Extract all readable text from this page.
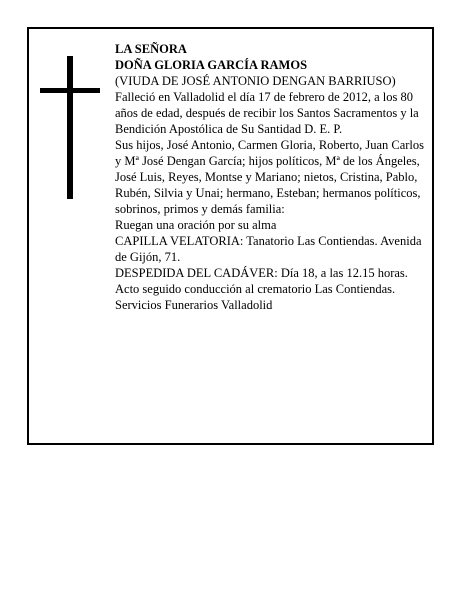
LA SEÑORA

DOÑA GLORIA GARCÍA RAMOS

(VIUDA DE JOSÉ ANTONIO DENGAN BARRIUSO)

Falleció en Valladolid el día 17 de febrero de 2012, a los 80 años de edad, después de recibir los Santos Sacramentos y la Bendición Apostólica de Su Santidad D. E. P.

Sus hijos, José Antonio, Carmen Gloria, Roberto, Juan Carlos y Mª José Dengan García; hijos políticos, Mª de los Ángeles, José Luis, Reyes, Montse y Mariano; nietos, Cristina, Pablo, Rubén, Silvia y Unai; hermano, Esteban; hermanos políticos, sobrinos, primos y demás familia:

Ruegan una oración por su alma

CAPILLA VELATORIA: Tanatorio Las Contiendas. Avenida de Gijón, 71.

DESPEDIDA DEL CADÁVER: Día 18, a las 12.15 horas. Acto seguido conducción al crematorio Las Contiendas.

Servicios Funerarios Valladolid
